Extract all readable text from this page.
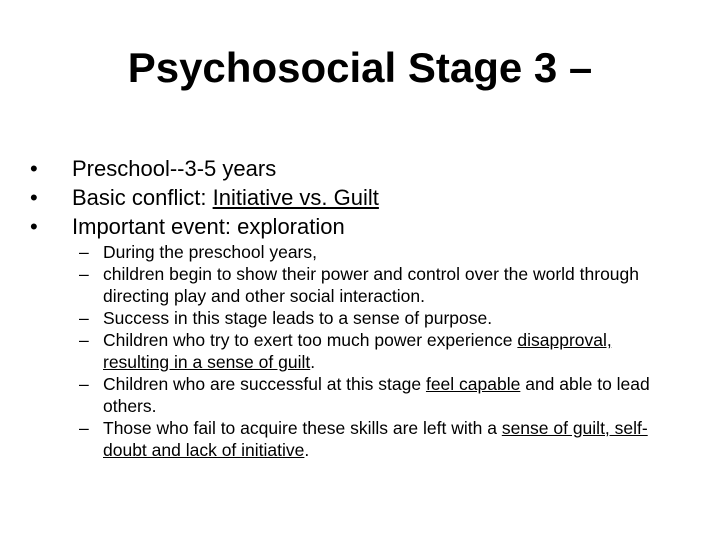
Psychosocial Stage 3 –
• Preschool--3-5 years
• Basic conflict: Initiative vs. Guilt
• Important event: exploration
– During the preschool years,
– children begin to show their power and control over the world through directing play and other social interaction.
– Success in this stage leads to a sense of purpose.
– Children who try to exert too much power experience disapproval, resulting in a sense of guilt.
– Children who are successful at this stage feel capable and able to lead others.
– Those who fail to acquire these skills are left with a sense of guilt, self-doubt and lack of initiative.
